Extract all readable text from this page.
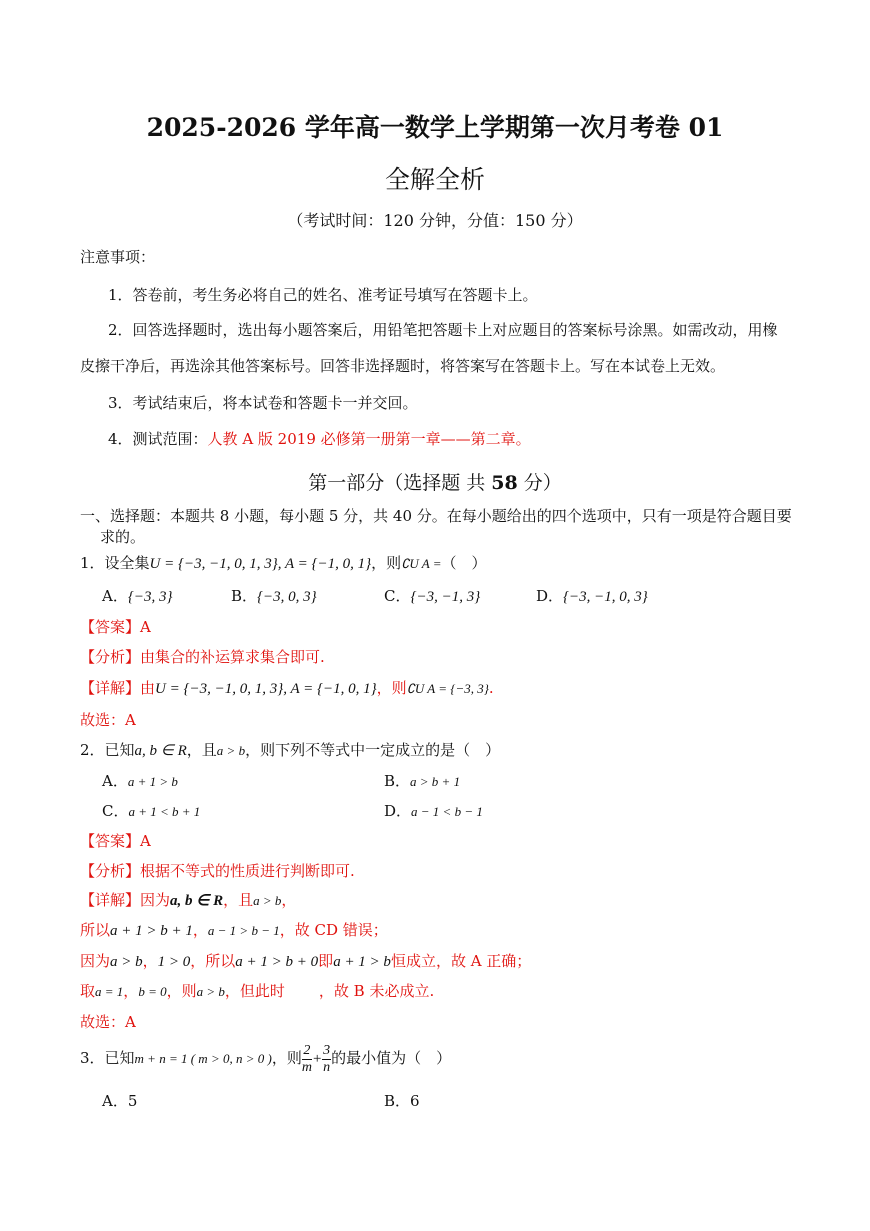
2025-2026 学年高一数学上学期第一次月考卷 01
全解全析
（考试时间：120 分钟，分值：150 分）
注意事项：
1．答卷前，考生务必将自己的姓名、准考证号填写在答题卡上。
2．回答选择题时，选出每小题答案后，用铅笔把答题卡上对应题目的答案标号涂黑。如需改动，用橡
皮擦干净后，再选涂其他答案标号。回答非选择题时，将答案写在答题卡上。写在本试卷上无效。
3．考试结束后，将本试卷和答题卡一并交回。
4．测试范围：人教 A 版 2019 必修第一册第一章——第二章。
第一部分（选择题 共 58 分）
一、选择题：本题共 8 小题，每小题 5 分，共 40 分。在每小题给出的四个选项中，只有一项是符合题目要
求的。
1．设全集U = {−3, −1, 0, 1, 3}, A = {−1, 0, 1}，则∁U A =（　）
A．{−3, 3}	B．{−3, 0, 3}	C．{−3, −1, 3}	D．{−3, −1, 0, 3}
【答案】A
【分析】由集合的补运算求集合即可.
【详解】由U = {−3, −1, 0, 1, 3}, A = {−1, 0, 1}，则∁U A = {−3, 3}.
故选：A
2．已知a, b ∈ R，且a > b，则下列不等式中一定成立的是（　）
A．a + 1 > b	B．a > b + 1
C．a + 1 < b + 1	D．a − 1 < b − 1
【答案】A
【分析】根据不等式的性质进行判断即可.
【详解】因为a, b ∈ R，且a > b，
所以a + 1 > b + 1，a − 1 > b − 1，故 CD 错误；
因为a > b，1 > 0，所以a + 1 > b + 0即a + 1 > b恒成立，故 A 正确；
取a = 1，b = 0，则a > b，但此时 ，故 B 未必成立.
故选：A
3．已知m + n = 1 ( m > 0, n > 0 )，则 $\frac{2}{m} + \frac{3}{n}$ 的最小值为（　）
A．5	B．6
